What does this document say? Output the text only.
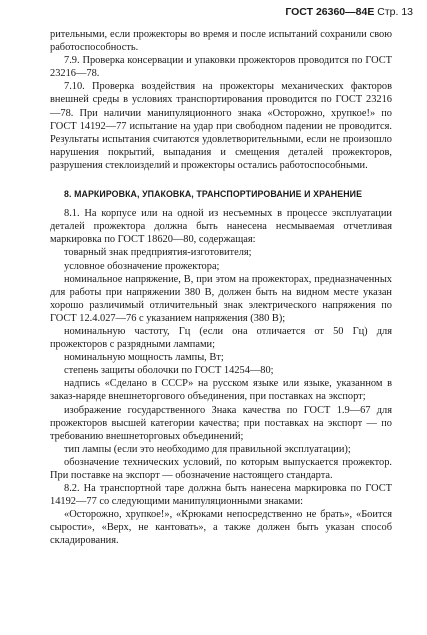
ГОСТ 26360—84Е Стр. 13

рительными, если прожекторы во время и после испытаний сохранили свою работоспособность.

7.9. Проверка консервации и упаковки прожекторов проводится по ГОСТ 23216—78.

7.10. Проверка воздействия на прожекторы механических факторов внешней среды в условиях транспортирования проводится по ГОСТ 23216—78. При наличии манипуляционного знака «Осторожно, хрупкое!» по ГОСТ 14192—77 испытание на удар при свободном падении не проводится. Результаты испытания считаются удовлетворительными, если не произошло нарушения покрытий, выпадания и смещения деталей прожекторов, разрушения стеклоизделий и прожекторы остались работоспособными.

8. МАРКИРОВКА, УПАКОВКА, ТРАНСПОРТИРОВАНИЕ И ХРАНЕНИЕ

8.1. На корпусе или на одной из несъемных в процессе эксплуатации деталей прожектора должна быть нанесена несмываемая отчетливая маркировка по ГОСТ 18620—80, содержащая:

товарный знак предприятия-изготовителя;

условное обозначение прожектора;

номинальное напряжение, В, при этом на прожекторах, предназначенных для работы при напряжении 380 В, должен быть на видном месте указан хорошо различимый отличительный знак электрического напряжения по ГОСТ 12.4.027—76 с указанием напряжения (380 В);

номинальную частоту, Гц (если она отличается от 50 Гц) для прожекторов с разрядными лампами;

номинальную мощность лампы, Вт;

степень защиты оболочки по ГОСТ 14254—80;

надпись «Сделано в СССР» на русском языке или языке, указанном в заказ-наряде внешнеторгового объединения, при поставках на экспорт;

изображение государственного Знака качества по ГОСТ 1.9—67 для прожекторов высшей категории качества; при поставках на экспорт — по требованию внешнеторговых объединений;

тип лампы (если это необходимо для правильной эксплуатации);

обозначение технических условий, по которым выпускается прожектор. При поставке на экспорт — обозначение настоящего стандарта.

8.2. На транспортной таре должна быть нанесена маркировка по ГОСТ 14192—77 со следующими манипуляционными знаками:

«Осторожно, хрупкое!», «Крюками непосредственно не брать», «Боится сырости», «Верх, не кантовать», а также должен быть указан способ складирования.
